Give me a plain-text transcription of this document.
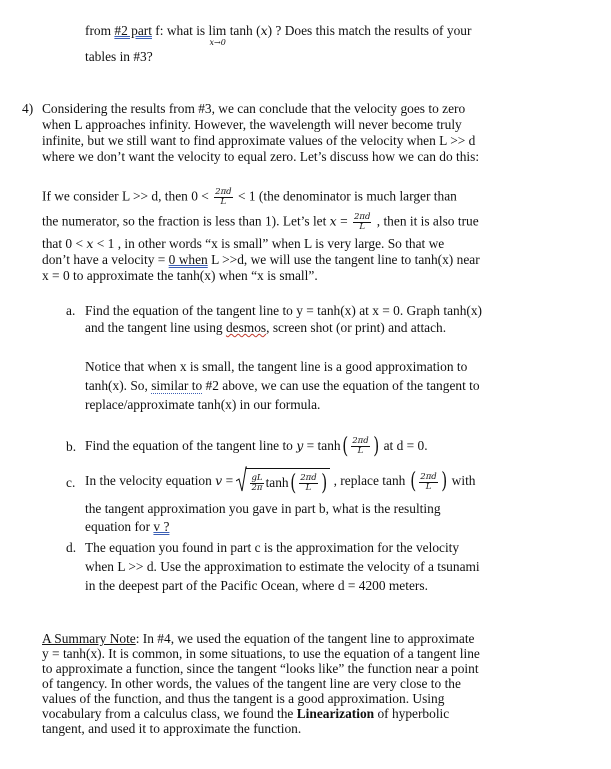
from #2 part f: what is lim
x→0
tanh (x) ? Does this match the results of your
tables in #3?
4) Considering the results from #3, we can conclude that the velocity goes to zero
when L approaches infinity. However, the wavelength will never become truly
infinite, but we still want to find approximate values of the velocity when L >> d
where we don’t want the velocity to equal zero. Let’s discuss how we can do this:
If we consider L >> d, then $0 < \frac{2\pi d}{L} < 1$ (the denominator is much larger than
the numerator, so the fraction is less than 1). Let’s let $x = \frac{2\pi d}{L}$ , then it is also true
that 0 < x < 1 , in other words “x is small” when L is very large. So that we
don’t have a velocity = 0 when L >>d, we will use the tangent line to tanh(x) near
x = 0 to approximate the tanh(x) when “x is small”.
a. Find the equation of the tangent line to y = tanh(x) at x = 0. Graph tanh(x)
and the tangent line using desmos, screen shot (or print) and attach.
Notice that when x is small, the tangent line is a good approximation to
tanh(x). So, similar to #2 above, we can use the equation of the tangent to
replace/approximate tanh(x) in our formula.
b. Find the equation of the tangent line to $y = \tanh( \frac{2\pi d}{L}$ ) at d = 0.
c. In the velocity equation $v = \frac{gL}{2\pi} \tanh( \frac{2\pi d}{L}$ ) , replace tanh ( $\frac{2\pi d}{L}$ ) with
the tangent approximation you gave in part b, what is the resulting
equation for v ?
d. The equation you found in part c is the approximation for the velocity
when L >> d. Use the approximation to estimate the velocity of a tsunami
in the deepest part of the Pacific Ocean, where d = 4200 meters.
A Summary Note: In #4, we used the equation of the tangent line to approximate
y = tanh(x). It is common, in some situations, to use the equation of a tangent line
to approximate a function, since the tangent “looks like” the function near a point
of tangency. In other words, the values of the tangent line are very close to the
values of the function, and thus the tangent is a good approximation. Using
vocabulary from a calculus class, we found the Linearization of hyperbolic
tangent, and used it to approximate the function.
